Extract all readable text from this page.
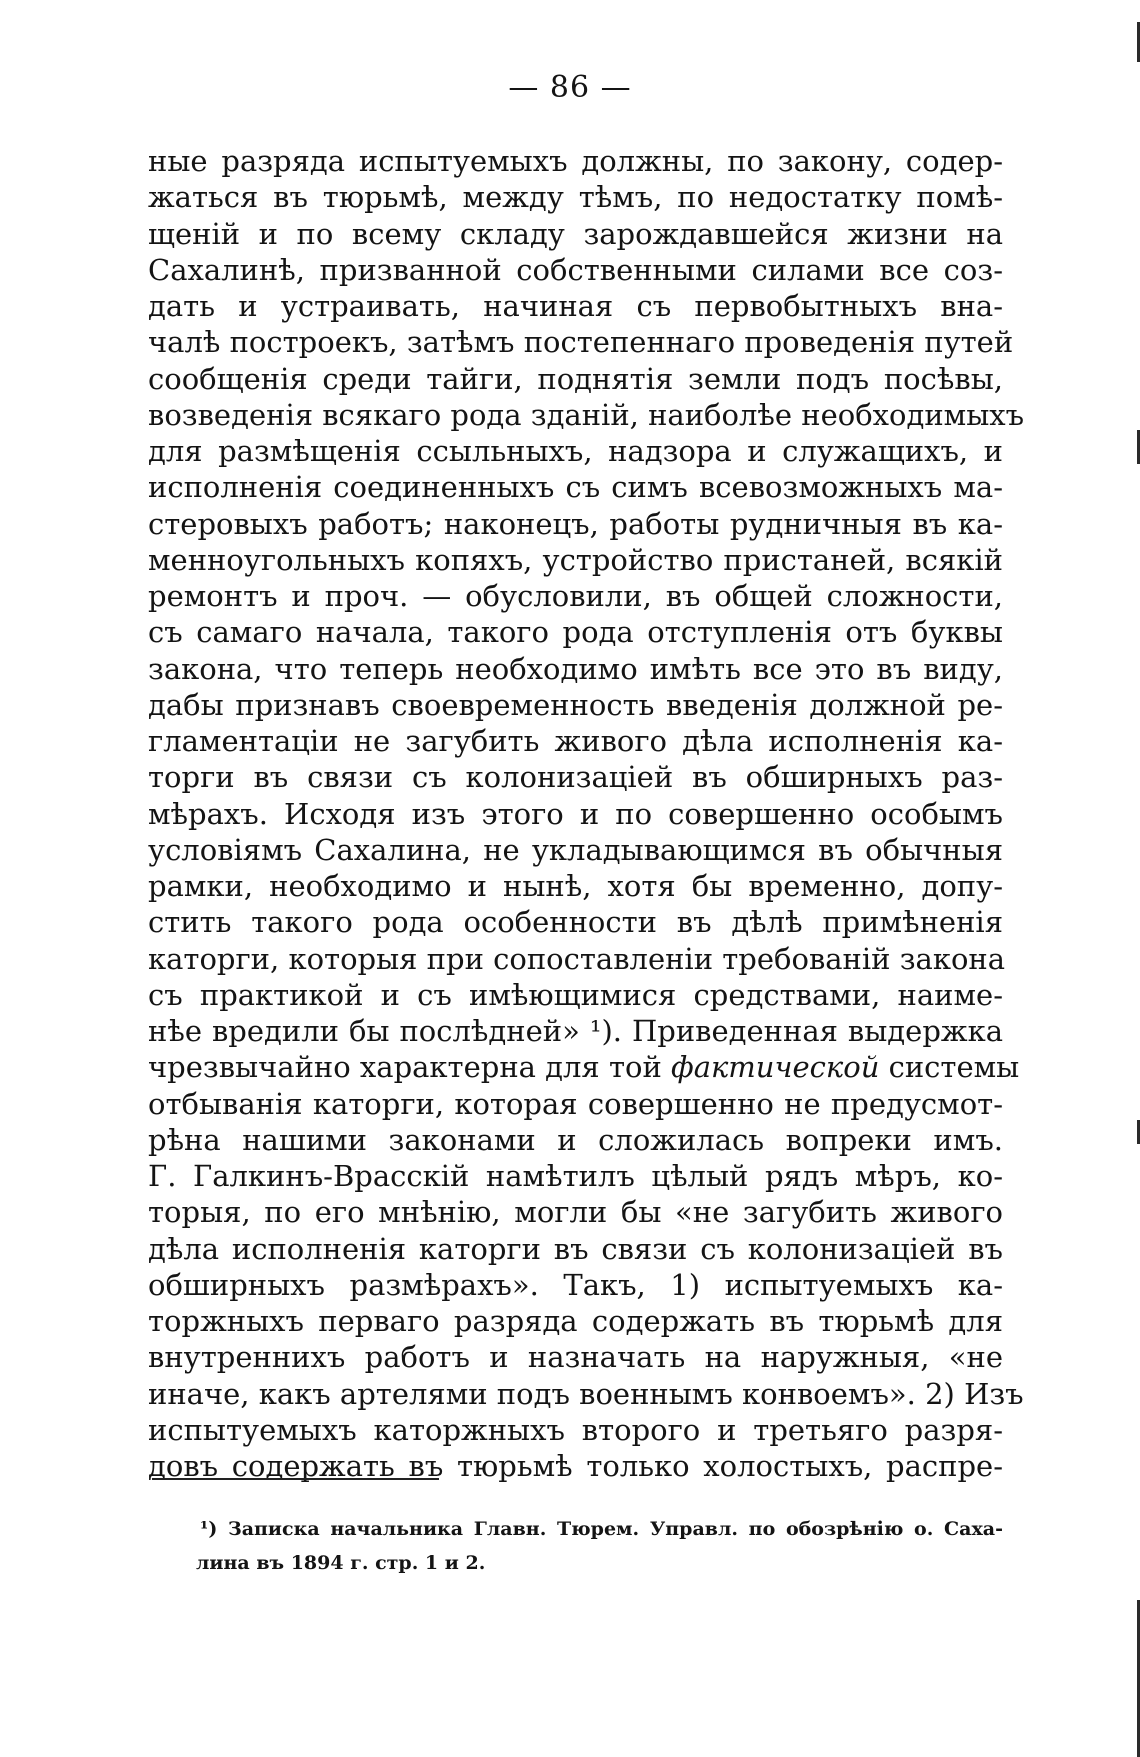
— 86 —
ные разряда испытуемыхъ должны, по закону, содер-
жаться въ тюрьмѣ, между тѣмъ, по недостатку помѣ-
щеній и по всему складу зарождавшейся жизни на
Сахалинѣ, призванной собственными силами все соз-
дать и устраивать, начиная съ первобытныхъ вна-
чалѣ построекъ, затѣмъ постепеннаго проведенія путей
сообщенія среди тайги, поднятія земли подъ посѣвы,
возведенія всякаго рода зданій, наиболѣе необходимыхъ
для размѣщенія ссыльныхъ, надзора и служащихъ, и
исполненія соединенныхъ съ симъ всевозможныхъ ма-
стеровыхъ работъ; наконецъ, работы рудничныя въ ка-
менноугольныхъ копяхъ, устройство пристаней, всякій
ремонтъ и проч. — обусловили, въ общей сложности,
съ самаго начала, такого рода отступленія отъ буквы
закона, что теперь необходимо имѣть все это въ виду,
дабы признавъ своевременность введенія должной ре-
гламентаціи не загубить живого дѣла исполненія ка-
торги въ связи съ колонизаціей въ обширныхъ раз-
мѣрахъ. Исходя изъ этого и по совершенно особымъ
условіямъ Сахалина, не укладывающимся въ обычныя
рамки, необходимо и нынѣ, хотя бы временно, допу-
стить такого рода особенности въ дѣлѣ примѣненія
каторги, которыя при сопоставленіи требованій закона
съ практикой и съ имѣющимися средствами, наиме-
нѣе вредили бы послѣдней» ¹). Приведенная выдержка
чрезвычайно характерна для той фактической системы
отбыванія каторги, которая совершенно не предусмот-
рѣна нашими законами и сложилась вопреки имъ.
Г. Галкинъ-Врасскій намѣтилъ цѣлый рядъ мѣръ, ко-
торыя, по его мнѣнію, могли бы «не загубить живого
дѣла исполненія каторги въ связи съ колонизаціей въ
обширныхъ размѣрахъ». Такъ, 1) испытуемыхъ ка-
торжныхъ перваго разряда содержать въ тюрьмѣ для
внутреннихъ работъ и назначать на наружныя, «не
иначе, какъ артелями подъ военнымъ конвоемъ». 2) Изъ
испытуемыхъ каторжныхъ второго и третьяго разря-
довъ содержать въ тюрьмѣ только холостыхъ, распре-
¹) Записка начальника Главн. Тюрем. Управл. по обозрѣнію о. Саха-
лина въ 1894 г. стр. 1 и 2.
